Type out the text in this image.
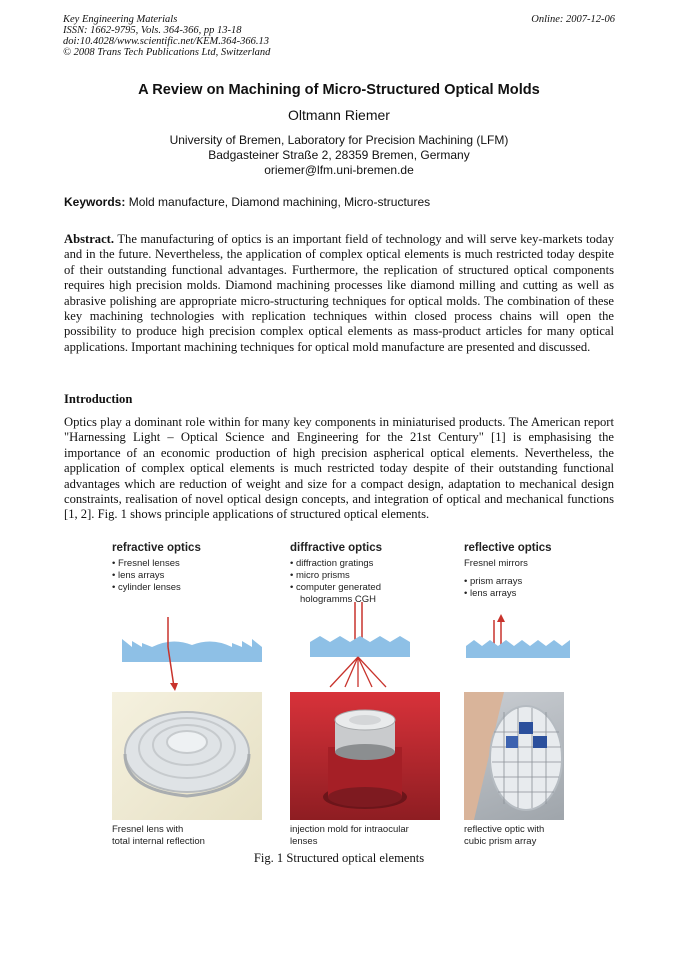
Key Engineering Materials
ISSN: 1662-9795, Vols. 364-366, pp 13-18
doi:10.4028/www.scientific.net/KEM.364-366.13
© 2008 Trans Tech Publications Ltd, Switzerland
Online: 2007-12-06
A Review on Machining of Micro-Structured Optical Molds
Oltmann Riemer
University of Bremen, Laboratory for Precision Machining (LFM)
Badgasteiner Straße 2, 28359 Bremen, Germany
oriemer@lfm.uni-bremen.de
Keywords: Mold manufacture, Diamond machining, Micro-structures
Abstract. The manufacturing of optics is an important field of technology and will serve key-markets today and in the future. Nevertheless, the application of complex optical elements is much restricted today despite of their outstanding functional advantages. Furthermore, the replication of structured optical components requires high precision molds. Diamond machining processes like diamond milling and cutting as well as abrasive polishing are appropriate micro-structuring techniques for optical molds. The combination of these key machining technologies with replication techniques within closed process chains will open the possibility to produce high precision complex optical elements as mass-product articles for many optical applications. Important machining techniques for optical mold manufacture are presented and discussed.
Introduction
Optics play a dominant role within for many key components in miniaturised products. The American report "Harnessing Light – Optical Science and Engineering for the 21st Century" [1] is emphasising the importance of an economic production of high precision aspherical optical elements. Nevertheless, the application of complex optical elements is much restricted today despite of their outstanding functional advantages which are reduction of weight and size for a compact design, adaptation to mechanical design constraints, realisation of novel optical design concepts, and integration of optical and mechanical functions [1, 2]. Fig. 1 shows principle applications of structured optical elements.
refractive optics
• Fresnel lenses
• lens arrays
• cylinder lenses
Fresnel lens with
total internal reflection
diffractive optics
• diffraction gratings
• micro prisms
• computer generated
hologramms CGH
injection mold for intraocular
lenses
reflective optics
Fresnel mirrors
• prism arrays
• lens arrays
reflective optic with
cubic prism array
Fig. 1 Structured optical elements
